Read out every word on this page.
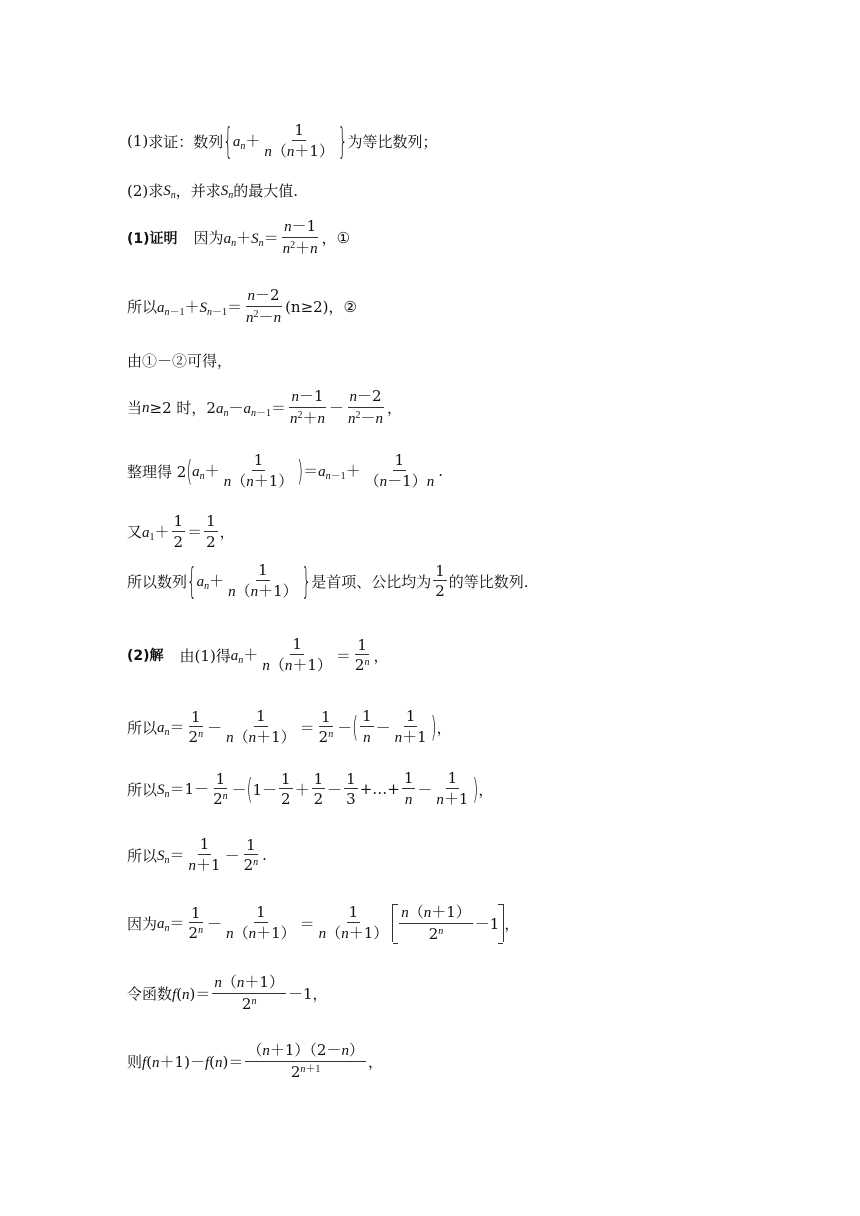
(1) 求证：数列 { $a_n+ \frac{1}{n(n+1)}$ } 为等比数列；
(2) 求 $S_n$ ，并求 $S_n$ 的最大值.
(1)证明 因为 $a_n+S_n= \frac{n-1}{n^2+n}$ ， ①
所以 $a_{n-1}+S_{n-1}= \frac{n-2}{n^2-n} (n\ge 2)$， ②
由①－②可得，
当 n ≥2 时， $2a_n-a_{n-1}= \frac{n-1}{n^2+n} - \frac{n-2}{n^2-n}$ ，
整理得 2 ( $a_n+ \frac{1}{n(n+1)}$ ) $=a_{n-1}+ \frac{1}{(n-1)n}$ .
又 $a_1+ \frac{1}{2} = \frac{1}{2}$ ，
所以数列 { $a_n+ \frac{1}{n(n+1)}$ } 是首项、公比均为 $\frac{1}{2}$ 的等比数列.
(2)解 由(1)得 $a_n+ \frac{1}{n(n+1)} = \frac{1}{2^n}$ ，
所以 $a_n= \frac{1}{2^n} - \frac{1}{n(n+1)} = \frac{1}{2^n}$ － ( $\frac{1}{n} - \frac{1}{n+1}$ ) ，
所以 $S_n=1- \frac{1}{2^n}$ － ( $1- \frac{1}{2} + \frac{1}{2} - \frac{1}{3}$ +…+ $\frac{1}{n} - \frac{1}{n+1}$ ) ，
所以 $S_n= \frac{1}{n+1} - \frac{1}{2^n}$ .
因为 $a_n= \frac{1}{2^n} - \frac{1}{n(n+1)} = \frac{1}{n(n+1)} \frac{n(n+1)}{2^n} -1$ ，
令函数 $f(n)= \frac{n(n+1)}{2^n} -1$，
则 $f(n+1)-f(n)= \frac{(n+1)(2-n)}{2^{n+1}}$ ，
